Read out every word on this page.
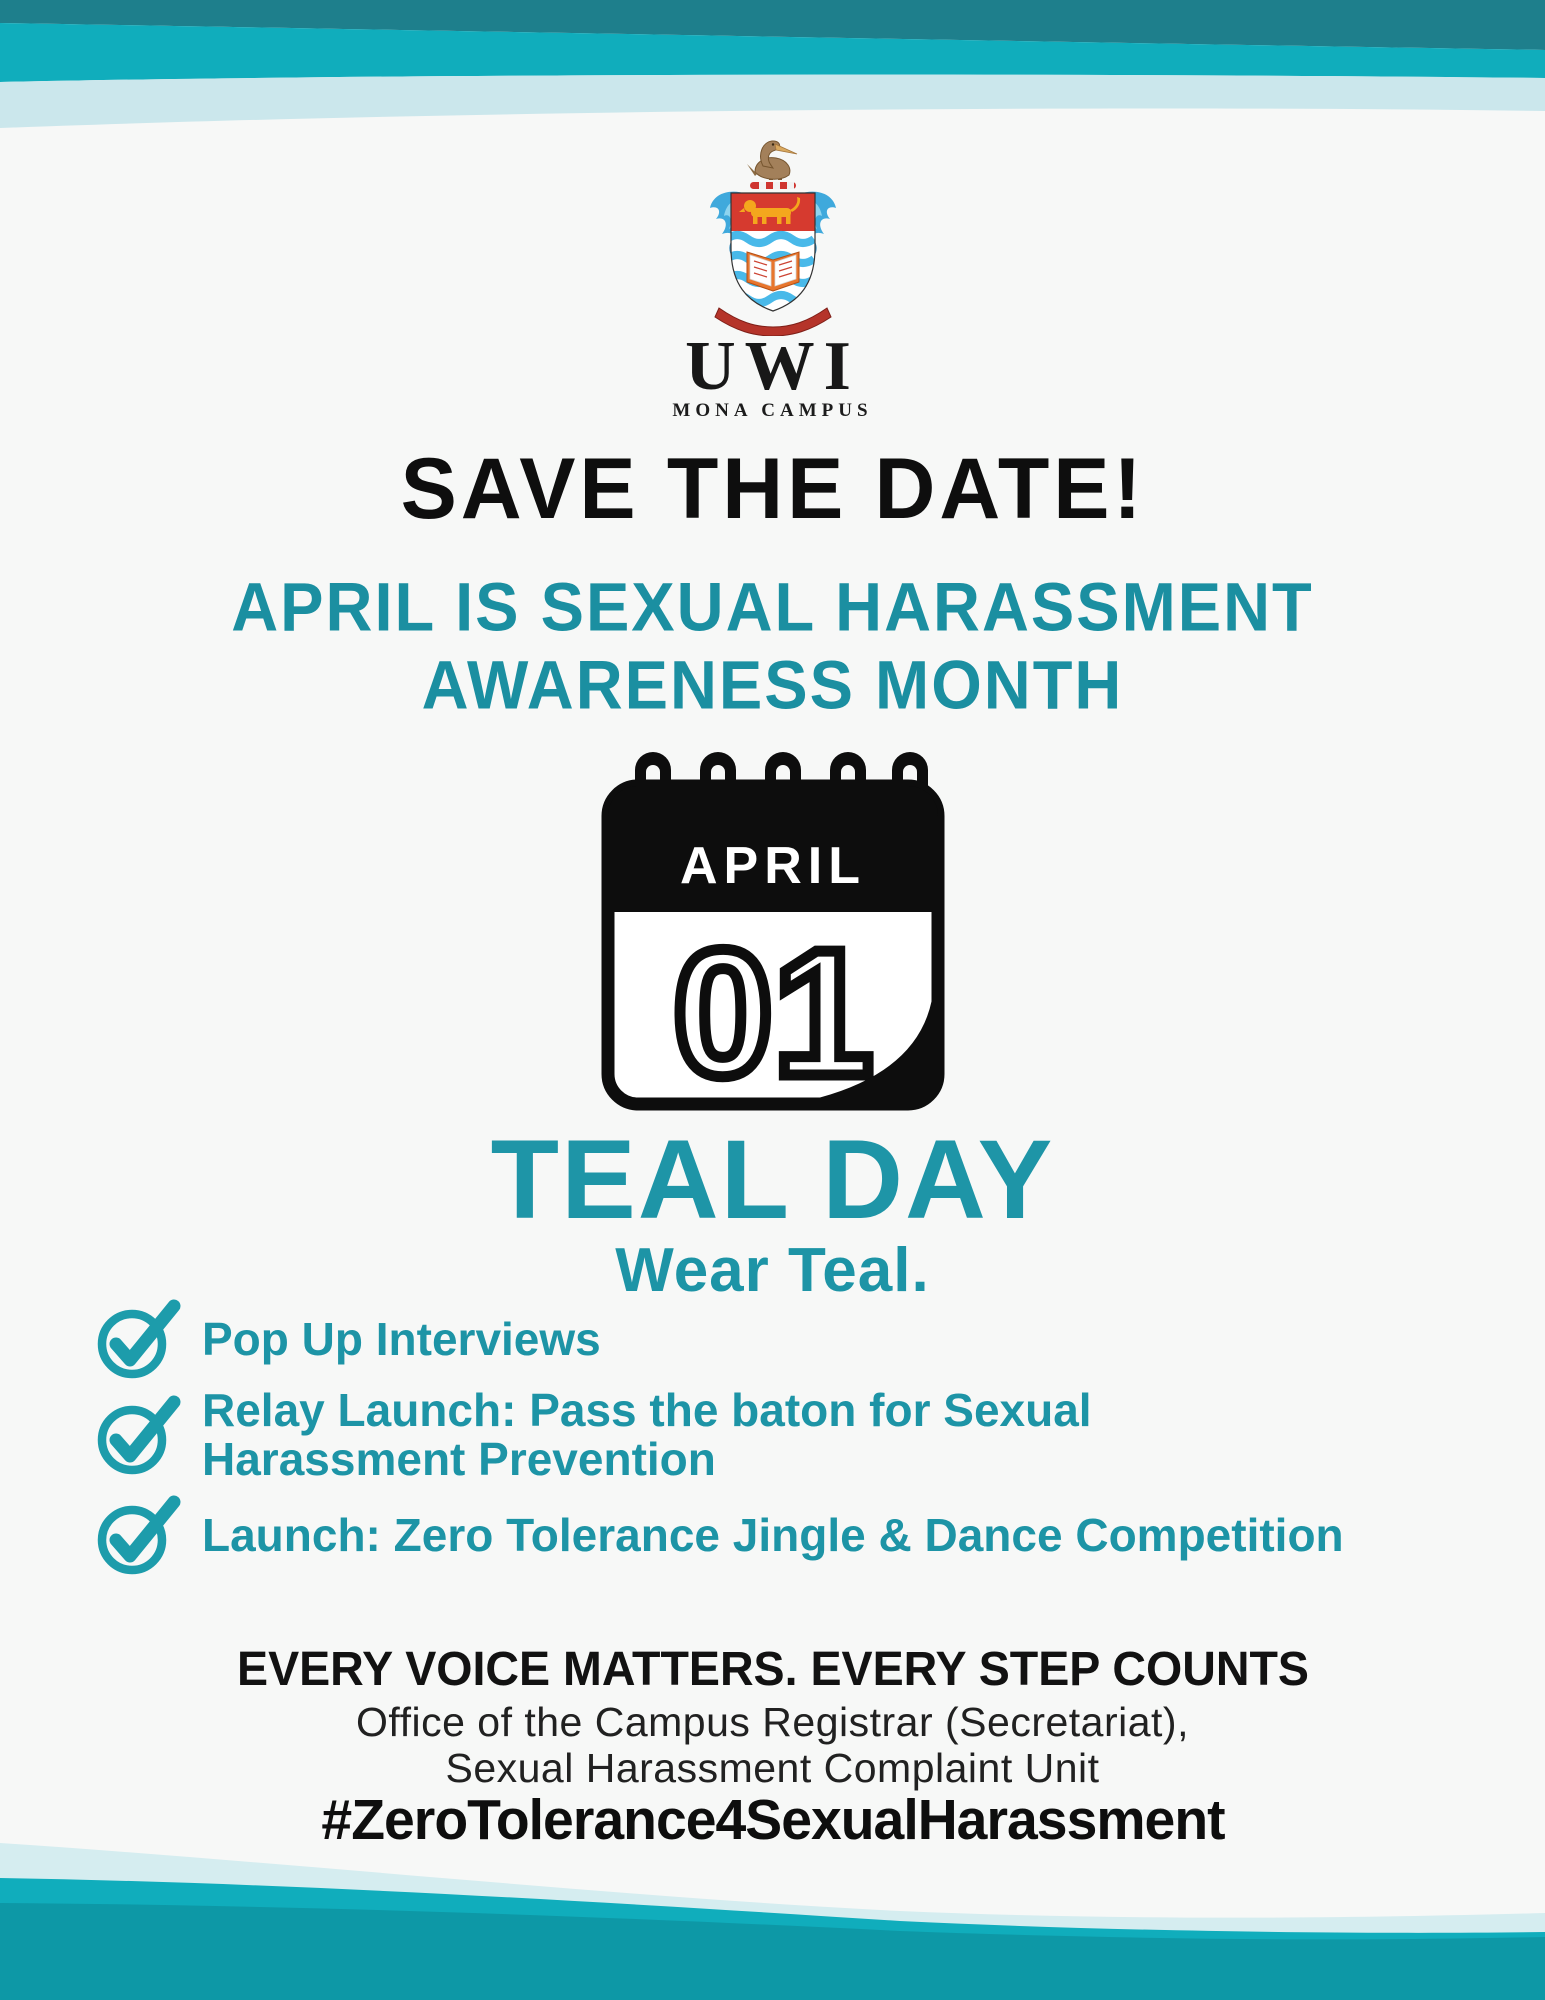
UWI
MONA CAMPUS
SAVE THE DATE!
APRIL IS SEXUAL HARASSMENT
AWARENESS MONTH
APRIL
01
TEAL DAY
Wear Teal.
Pop Up Interviews
Relay Launch: Pass the baton for Sexual
Harassment Prevention
Launch: Zero Tolerance Jingle & Dance Competition
EVERY VOICE MATTERS. EVERY STEP COUNTS
Office of the Campus Registrar (Secretariat),
Sexual Harassment Complaint Unit
#ZeroTolerance4SexualHarassment
